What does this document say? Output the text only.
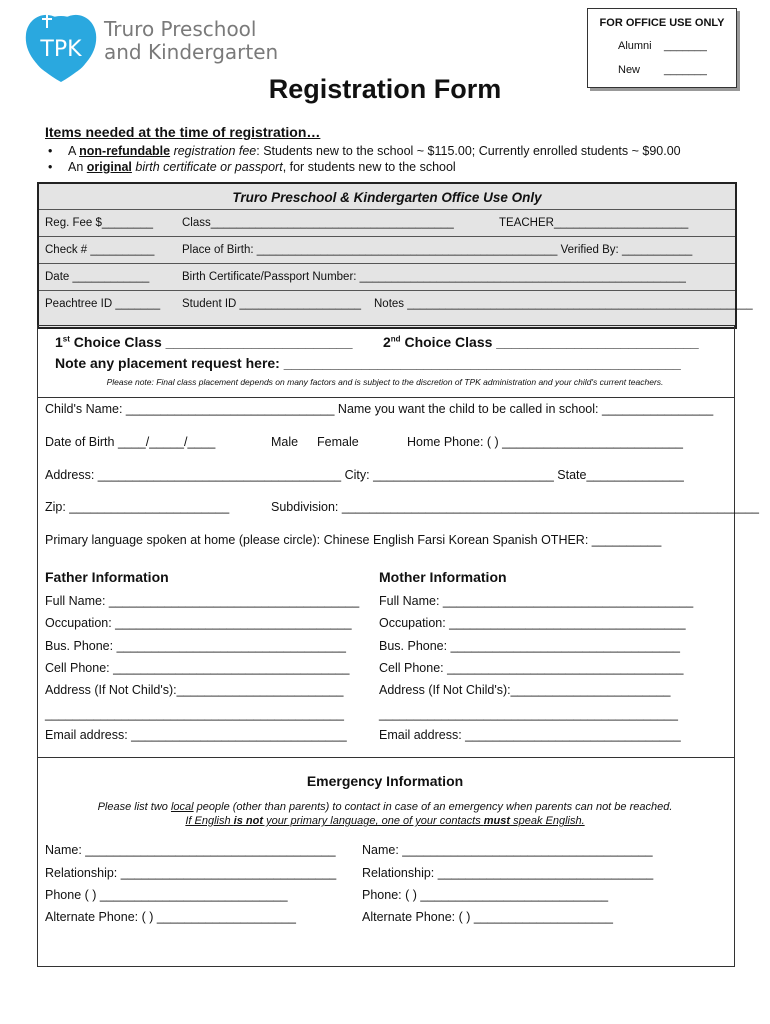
TPK
Truro Preschool
and Kindergarten
FOR OFFICE USE ONLY
Alumni _______
New _______
Registration Form
Items needed at the time of registration…
• A non-refundable registration fee: Students new to the school ~ $115.00; Currently enrolled students ~ $90.00
• An original birth certificate or passport, for students new to the school
Truro Preschool & Kindergarten Office Use Only
Reg. Fee $________	Class______________________________________	TEACHER_____________________
Check # __________ Place of Birth: _______________________________________________ Verified By: ___________
Date ____________	Birth Certificate/Passport Number: ___________________________________________________
Peachtree ID _______ Student ID ___________________ Notes ______________________________________________________
1st Choice Class ________________________ 2nd Choice Class __________________________
Note any placement request here: ___________________________________________________
Please note: Final class placement depends on many factors and is subject to the discretion of TPK administration and your child's current teachers.
Child's Name: ______________________________ Name you want the child to be called in school: ________________
Date of Birth ____/_____/____	Male Female	Home Phone: ( ) __________________________
Address: ___________________________________ City: __________________________ State______________
Zip: _______________________	Subdivision: ____________________________________________________________
Primary language spoken at home (please circle): Chinese English Farsi Korean Spanish OTHER: __________
Father Information	Mother Information
Full Name: ____________________________________
Occupation: __________________________________
Bus. Phone: _________________________________
Cell Phone: __________________________________
Address (If Not Child's):________________________
___________________________________________
Email address: _______________________________
Full Name: ____________________________________
Occupation: __________________________________
Bus. Phone: _________________________________
Cell Phone: __________________________________
Address (If Not Child's):_______________________
___________________________________________
Email address: _______________________________
Emergency Information
Please list two local people (other than parents) to contact in case of an emergency when parents can not be reached.
If English is not your primary language, one of your contacts must speak English.
Name: ____________________________________
Relationship: _______________________________
Phone ( ) ___________________________
Alternate Phone: ( ) ____________________
Name: ____________________________________
Relationship: _______________________________
Phone: ( ) ___________________________
Alternate Phone: ( ) ____________________
